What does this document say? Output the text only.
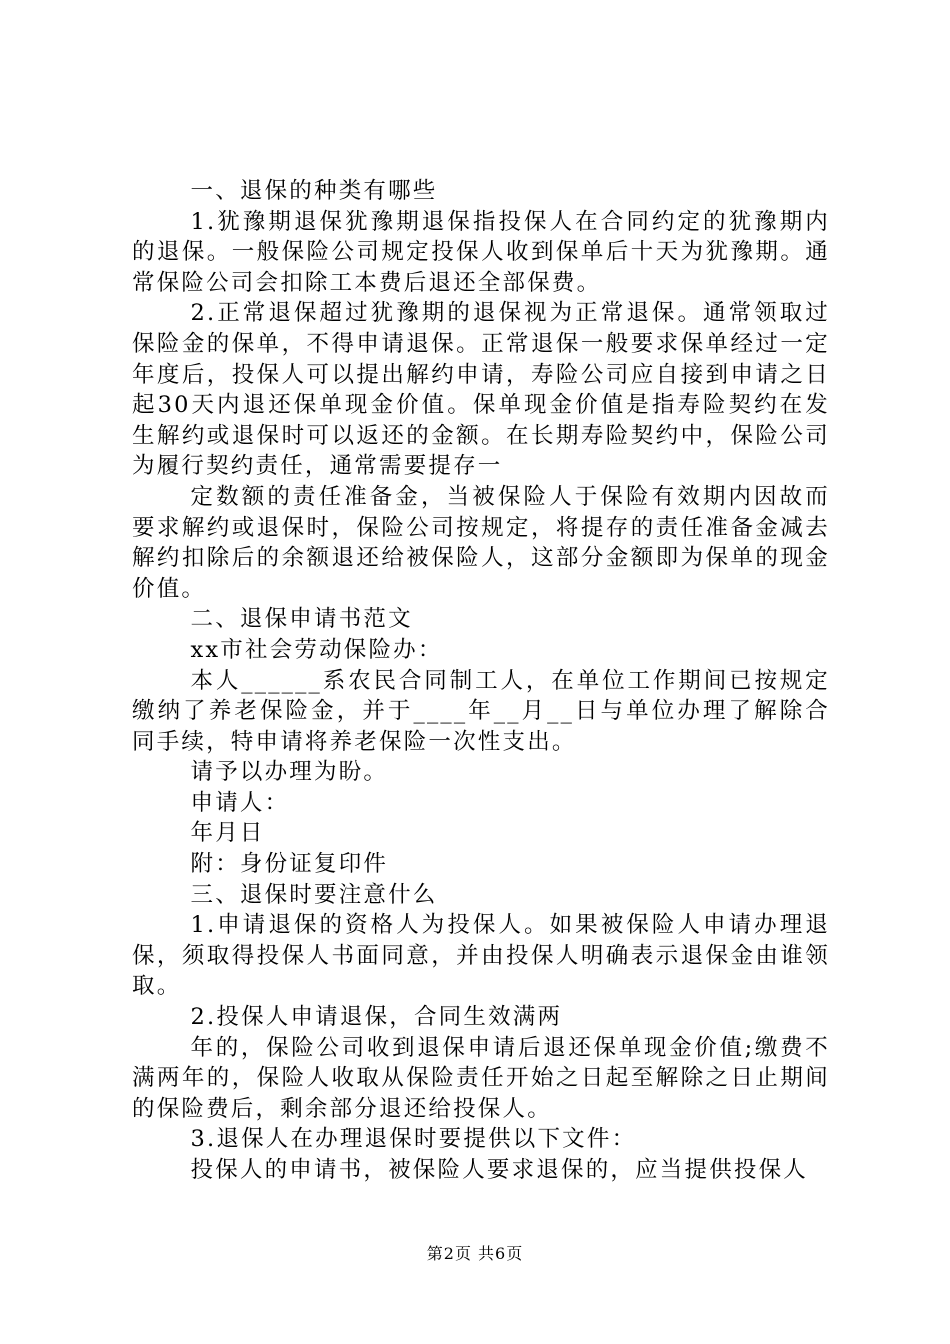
一、退保的种类有哪些

1.犹豫期退保犹豫期退保指投保人在合同约定的犹豫期内的退保。一般保险公司规定投保人收到保单后十天为犹豫期。通常保险公司会扣除工本费后退还全部保费。

2.正常退保超过犹豫期的退保视为正常退保。通常领取过保险金的保单，不得申请退保。正常退保一般要求保单经过一定年度后，投保人可以提出解约申请，寿险公司应自接到申请之日起30天内退还保单现金价值。保单现金价值是指寿险契约在发生解约或退保时可以返还的金额。在长期寿险契约中，保险公司为履行契约责任，通常需要提存一

定数额的责任准备金，当被保险人于保险有效期内因故而要求解约或退保时，保险公司按规定，将提存的责任准备金减去解约扣除后的余额退还给被保险人，这部分金额即为保单的现金价值。

二、退保申请书范文

xx市社会劳动保险办：

本人______系农民合同制工人，在单位工作期间已按规定缴纳了养老保险金，并于____年__月__日与单位办理了解除合同手续，特申请将养老保险一次性支出。

请予以办理为盼。

申请人：

年月日

附：身份证复印件

三、退保时要注意什么

1.申请退保的资格人为投保人。如果被保险人申请办理退保，须取得投保人书面同意，并由投保人明确表示退保金由谁领取。

2.投保人申请退保，合同生效满两

年的，保险公司收到退保申请后退还保单现金价值;缴费不满两年的，保险人收取从保险责任开始之日起至解除之日止期间的保险费后，剩余部分退还给投保人。

3.退保人在办理退保时要提供以下文件：

投保人的申请书，被保险人要求退保的，应当提供投保人

第2页 共6页
